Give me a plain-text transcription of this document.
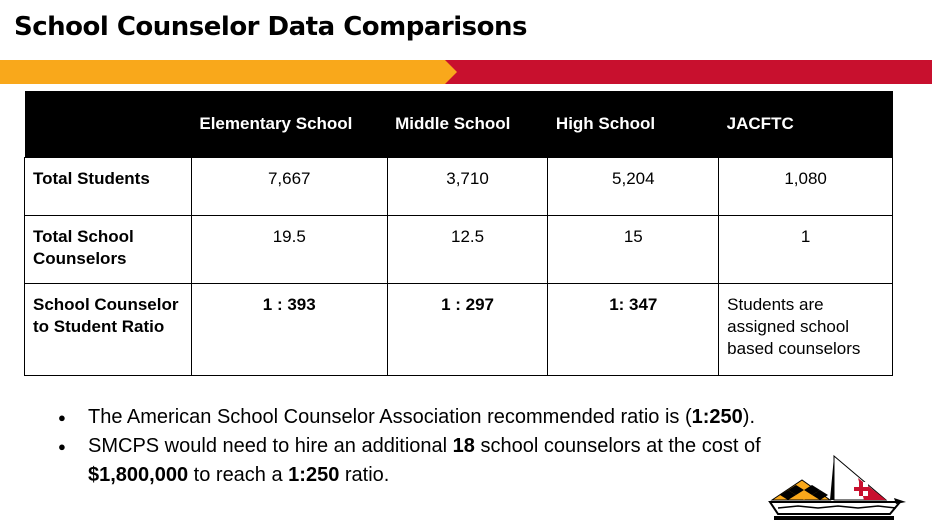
School Counselor Data Comparisons
	Elementary School	Middle School	High School	JACFTC
Total Students	7,667	3,710	5,204	1,080
Total School Counselors	19.5	12.5	15	1
School Counselor to Student Ratio	1 : 393	1 : 297	1: 347	Students are assigned school based counselors
● The American School Counselor Association recommended ratio is (1:250).
● SMCPS would need to hire an additional 18 school counselors at the cost of $1,800,000 to reach a 1:250 ratio.
